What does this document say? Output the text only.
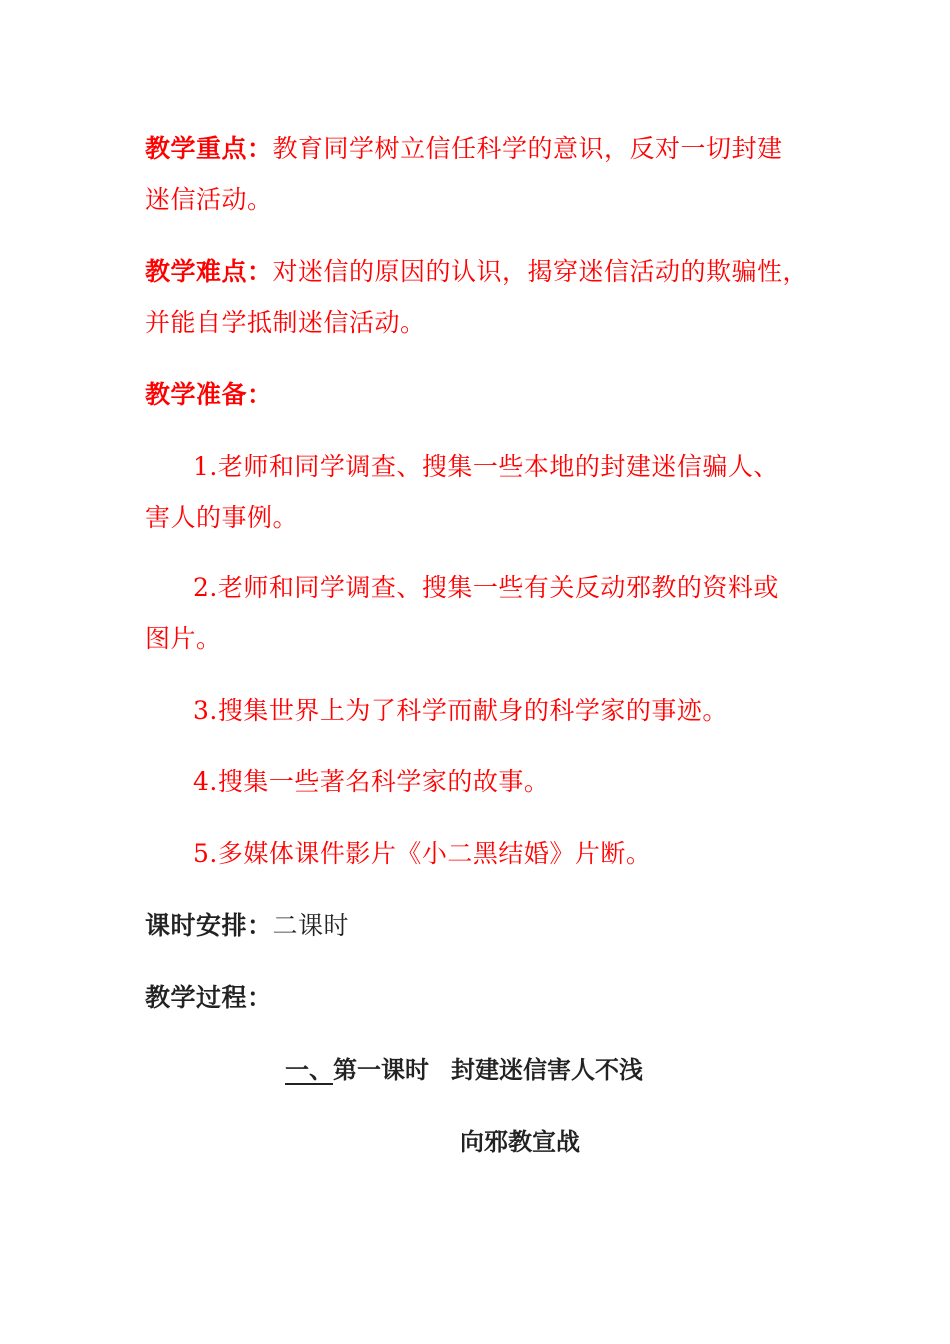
教学重点：教育同学树立信任科学的意识，反对一切封建
迷信活动。
教学难点：对迷信的原因的认识，揭穿迷信活动的欺骗性，
并能自学抵制迷信活动。
教学准备：
1.老师和同学调查、搜集一些本地的封建迷信骗人、
害人的事例。
2.老师和同学调查、搜集一些有关反动邪教的资料或
图片。
3.搜集世界上为了科学而献身的科学家的事迹。
4.搜集一些著名科学家的故事。
5.多媒体课件影片《小二黑结婚》片断。
课时安排：二课时
教学过程：
一、第一课时 封建迷信害人不浅
向邪教宣战
